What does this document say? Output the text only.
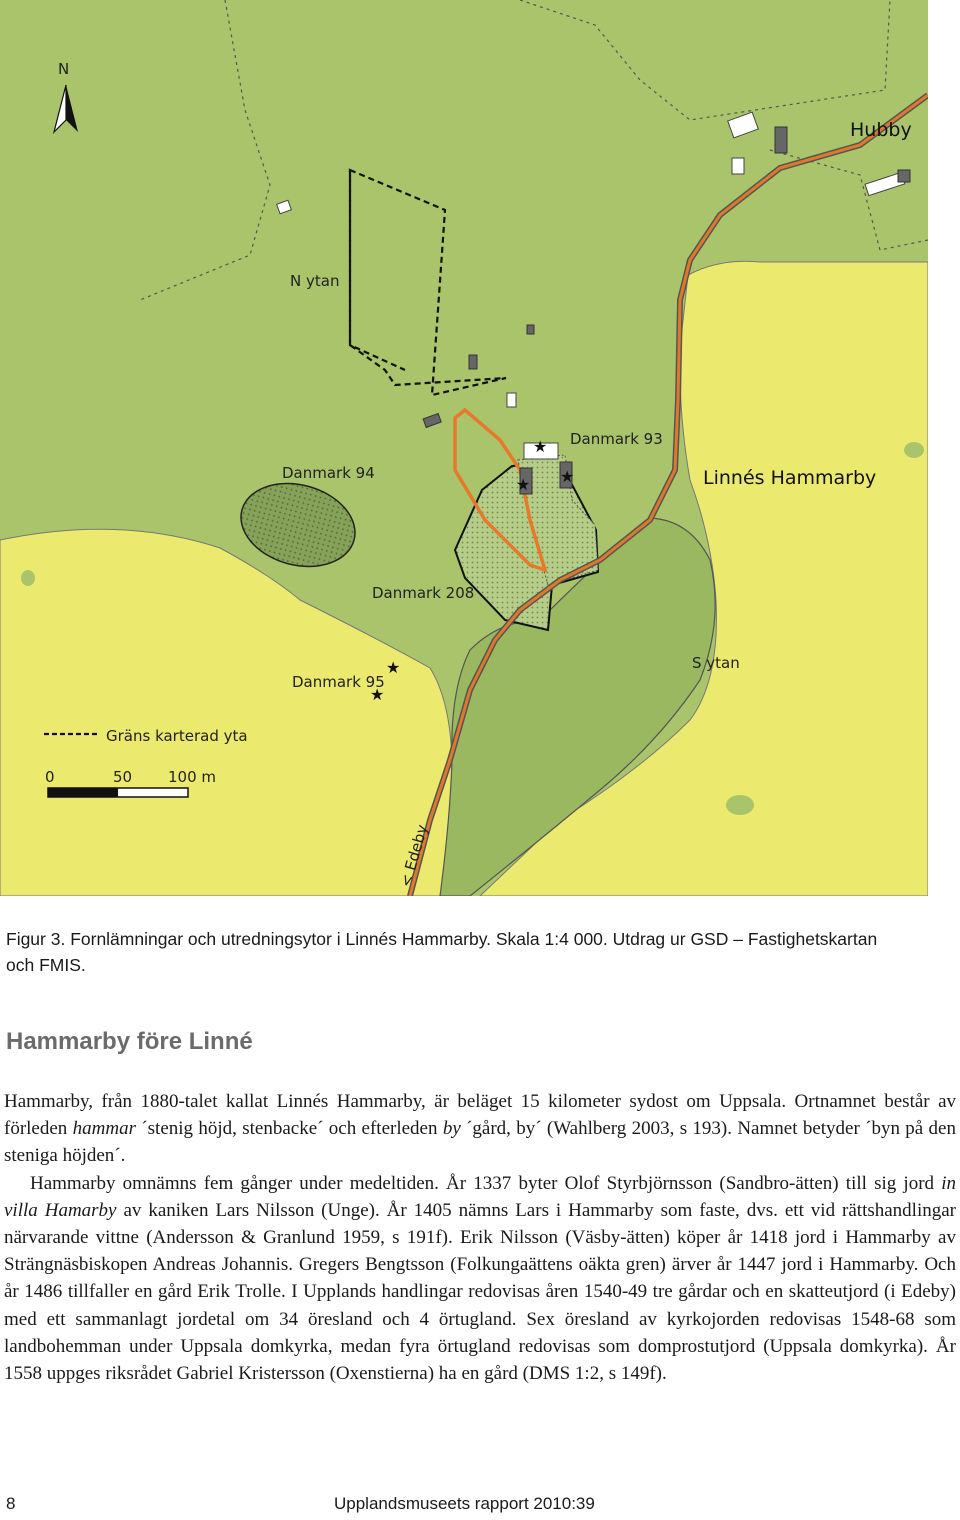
★
★ ★
★
★
N
Hubby
N ytan
Danmark 93
Danmark 94	Linnés Hammarby
Danmark 208
S ytan
Danmark 95
< Edeby
Gräns karterad yta
0	50 100 m
Figur 3. Fornlämningar och utredningsytor i Linnés Hammarby. Skala 1:4 000. Utdrag ur GSD – Fastighetskartan och FMIS.
Hammarby före Linné

Hammarby, från 1880-talet kallat Linnés Hammarby, är beläget 15 kilometer sydost om Uppsala. Ortnamnet består av förleden hammar ´stenig höjd, stenbacke´ och efterleden by ´gård, by´ (Wahlberg 2003, s 193). Namnet betyder ´byn på den steniga höjden´.

Hammarby omnämns fem gånger under medeltiden. År 1337 byter Olof Styrbjörnsson (Sandbro-ätten) till sig jord in villa Hamarby av kaniken Lars Nilsson (Unge). År 1405 nämns Lars i Hammarby som faste, dvs. ett vid rättshandlingar närvarande vittne (Andersson & Granlund 1959, s 191f). Erik Nilsson (Väsby-ätten) köper år 1418 jord i Hammarby av Strängnäsbiskopen Andreas Johannis. Gregers Bengtsson (Folkungaättens oäkta gren) ärver år 1447 jord i Hammarby. Och år 1486 tillfaller en gård Erik Trolle. I Upplands handlingar redovisas åren 1540-49 tre gårdar och en skatteutjord (i Edeby) med ett sammanlagt jordetal om 34 öresland och 4 örtugland. Sex öresland av kyrkojorden redovisas 1548-68 som landbohemman under Uppsala domkyrka, medan fyra örtugland redovisas som domprostutjord (Uppsala domkyrka). År 1558 uppges riksrådet Gabriel Kristersson (Oxenstierna) ha en gård (DMS 1:2, s 149f).

8	Upplandsmuseets rapport 2010:39
